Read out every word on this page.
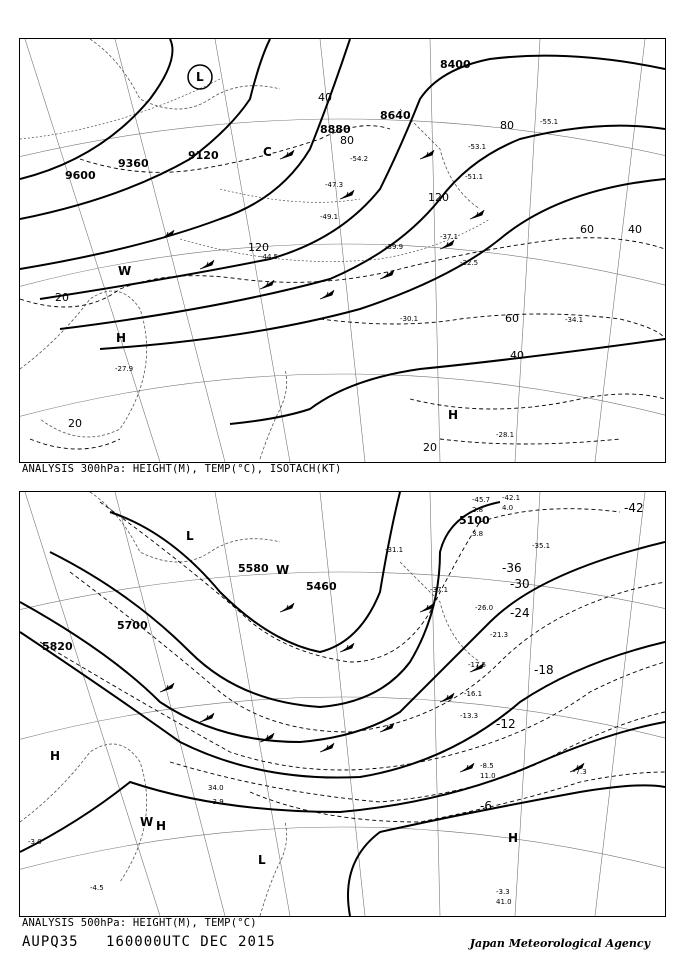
8400
8640
8880
9120
9360
9600
20
20
20
40
40
40
60
60
80
80
120
120
L
H
H
W
C	-54.2
-53.1
-47.3
-39.9
-37.1
-32.5
-30.1
-28.1
-27.9
-34.1
-44.5
-49.1
-51.1
-55.1
ANALYSIS 300hPa: HEIGHT(M), TEMP(°C), ISOTACH(KT)
5100
5460
5580
5700
5820
-42
-36
-30
-24
-18
-12
-6
L
L
H
H
H
W
W
-45.7 -42.1
-37.1
-35.1
-31.1
-26.0
-21.3
-17.5
-16.1
-13.3
-8.5
-7.3
-4.5
-3.9
-3.3
-3.0
41.0
11.0
34.0
2.8	4.0
3.8
ANALYSIS 500hPa: HEIGHT(M), TEMP(°C)
AUPQ35 160000UTC DEC 2015	Japan Meteorological Agency
